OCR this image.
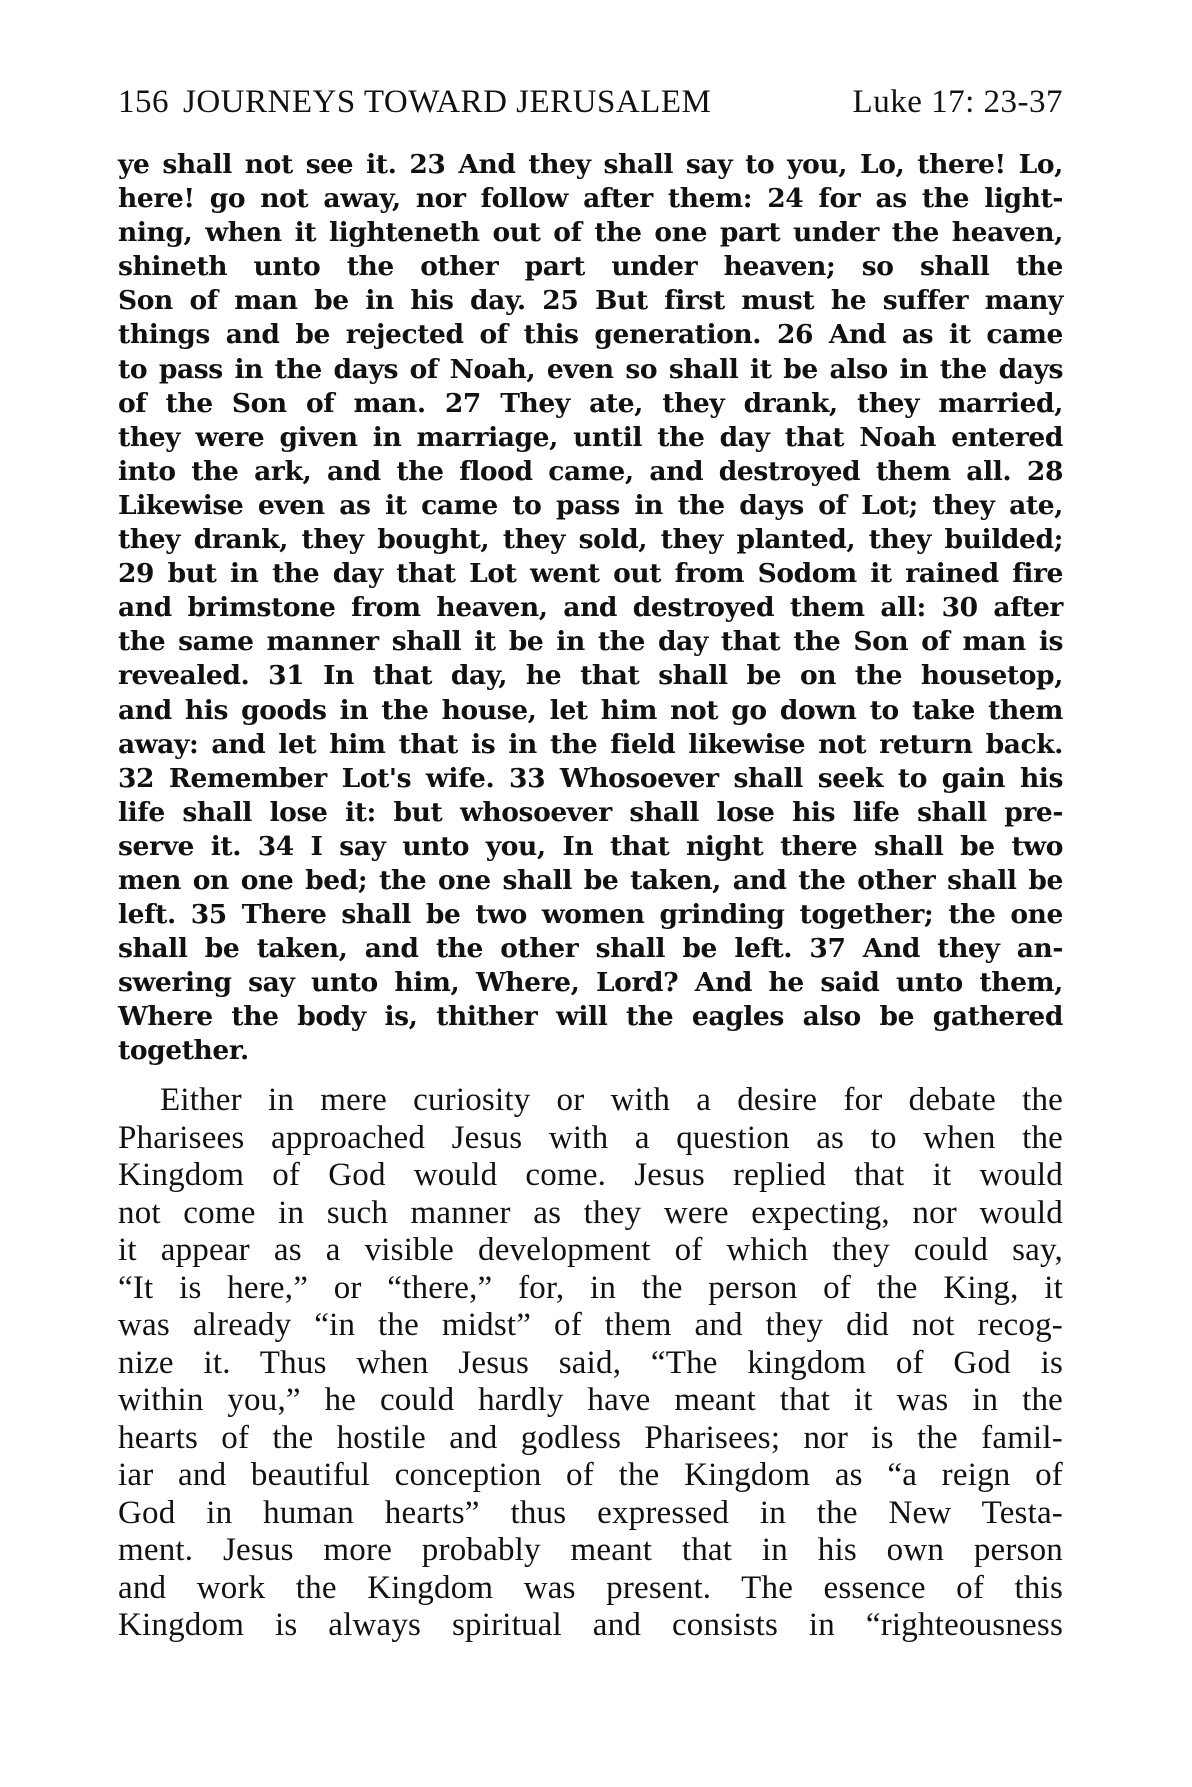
156 JOURNEYS TOWARD JERUSALEM	Luke 17: 23-37
ye shall not see it. 23 And they shall say to you, Lo, there! Lo,
here! go not away, nor follow after them: 24 for as the light-
ning, when it lighteneth out of the one part under the heaven,
shineth unto the other part under heaven; so shall the
Son of man be in his day. 25 But first must he suffer many
things and be rejected of this generation. 26 And as it came
to pass in the days of Noah, even so shall it be also in the days
of the Son of man. 27 They ate, they drank, they married,
they were given in marriage, until the day that Noah entered
into the ark, and the flood came, and destroyed them all. 28
Likewise even as it came to pass in the days of Lot; they ate,
they drank, they bought, they sold, they planted, they builded;
29 but in the day that Lot went out from Sodom it rained fire
and brimstone from heaven, and destroyed them all: 30 after
the same manner shall it be in the day that the Son of man is
revealed. 31 In that day, he that shall be on the housetop,
and his goods in the house, let him not go down to take them
away: and let him that is in the field likewise not return back.
32 Remember Lot's wife. 33 Whosoever shall seek to gain his
life shall lose it: but whosoever shall lose his life shall pre-
serve it. 34 I say unto you, In that night there shall be two
men on one bed; the one shall be taken, and the other shall be
left. 35 There shall be two women grinding together; the one
shall be taken, and the other shall be left. 37 And they an-
swering say unto him, Where, Lord? And he said unto them,
Where the body is, thither will the eagles also be gathered
together.
Either in mere curiosity or with a desire for debate the
Pharisees approached Jesus with a question as to when the
Kingdom of God would come. Jesus replied that it would
not come in such manner as they were expecting, nor would
it appear as a visible development of which they could say,
“It is here,” or “there,” for, in the person of the King, it
was already “in the midst” of them and they did not recog-
nize it. Thus when Jesus said, “The kingdom of God is
within you,” he could hardly have meant that it was in the
hearts of the hostile and godless Pharisees; nor is the famil-
iar and beautiful conception of the Kingdom as “a reign of
God in human hearts” thus expressed in the New Testa-
ment. Jesus more probably meant that in his own person
and work the Kingdom was present. The essence of this
Kingdom is always spiritual and consists in “righteousness
